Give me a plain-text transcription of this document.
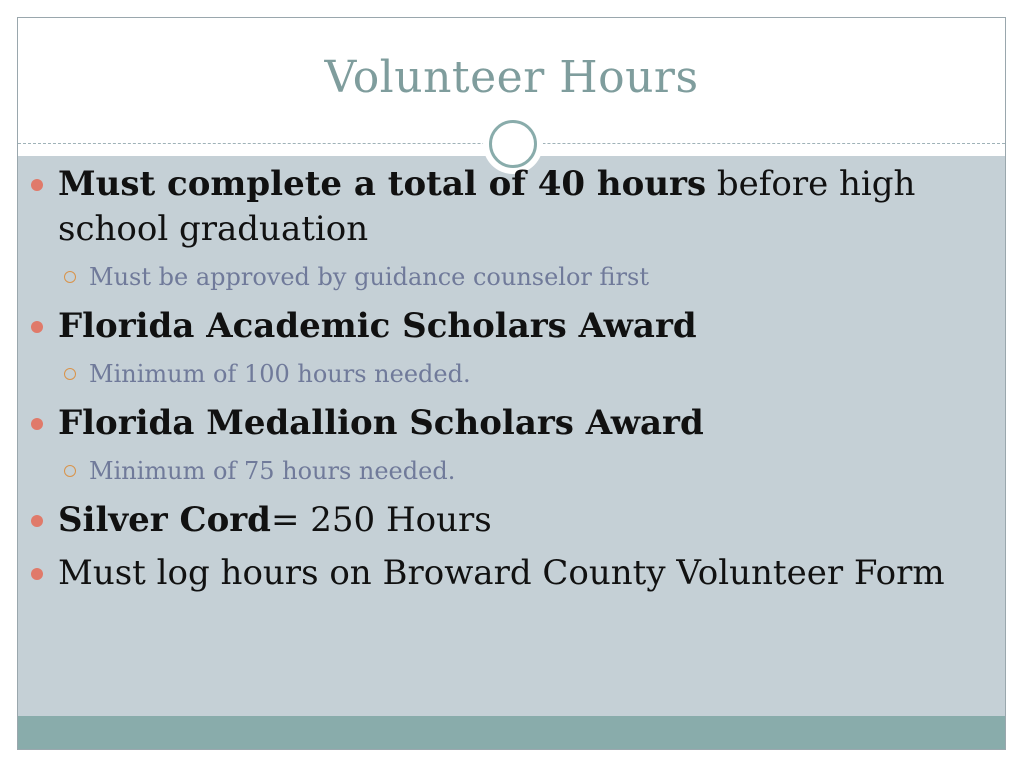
Volunteer Hours
Must complete a total of 40 hours before high school graduation
Must be approved by guidance counselor first
Florida Academic Scholars Award
Minimum of 100 hours needed.
Florida Medallion Scholars Award
Minimum of 75 hours needed.
Silver Cord= 250 Hours
Must log hours on Broward County Volunteer Form
